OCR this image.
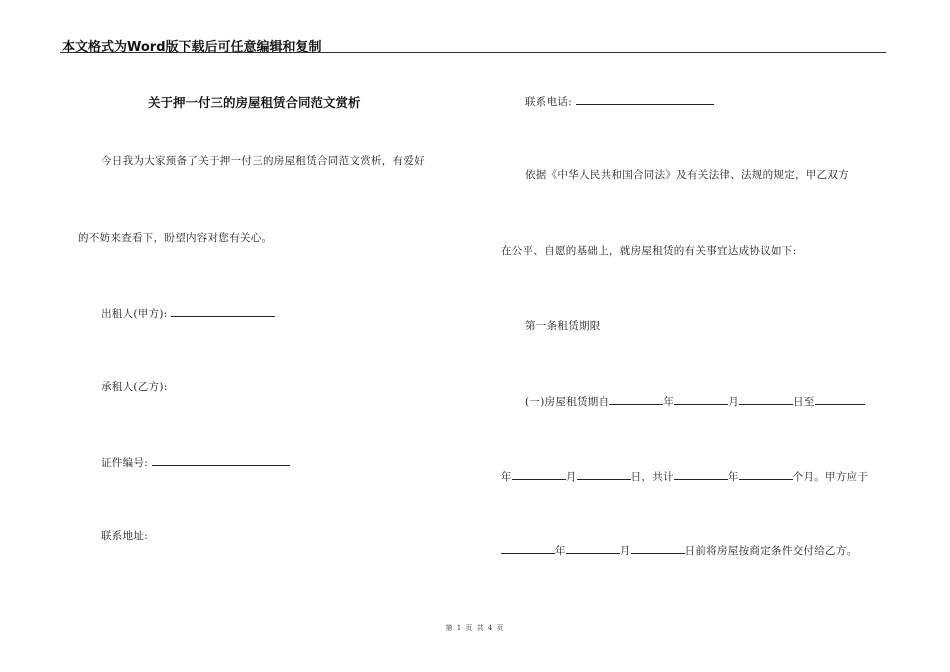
本文格式为Word版下载后可任意编辑和复制
关于押一付三的房屋租赁合同范文赏析
今日我为大家预备了关于押一付三的房屋租赁合同范文赏析，有爱好
的不妨来查看下，盼望内容对您有关心。
出租人(甲方):
承租人(乙方):
证件编号:
联系地址:
联系电话:
依据《中华人民共和国合同法》及有关法律、法规的规定，甲乙双方
在公平、自愿的基础上，就房屋租赁的有关事宜达成协议如下:
第一条租赁期限
(一)房屋租赁期自	年	月	日至
年	月	日，共计	年	个月。甲方应于
年	月	日前将房屋按商定条件交付给乙方。
第 1 页 共 4 页
